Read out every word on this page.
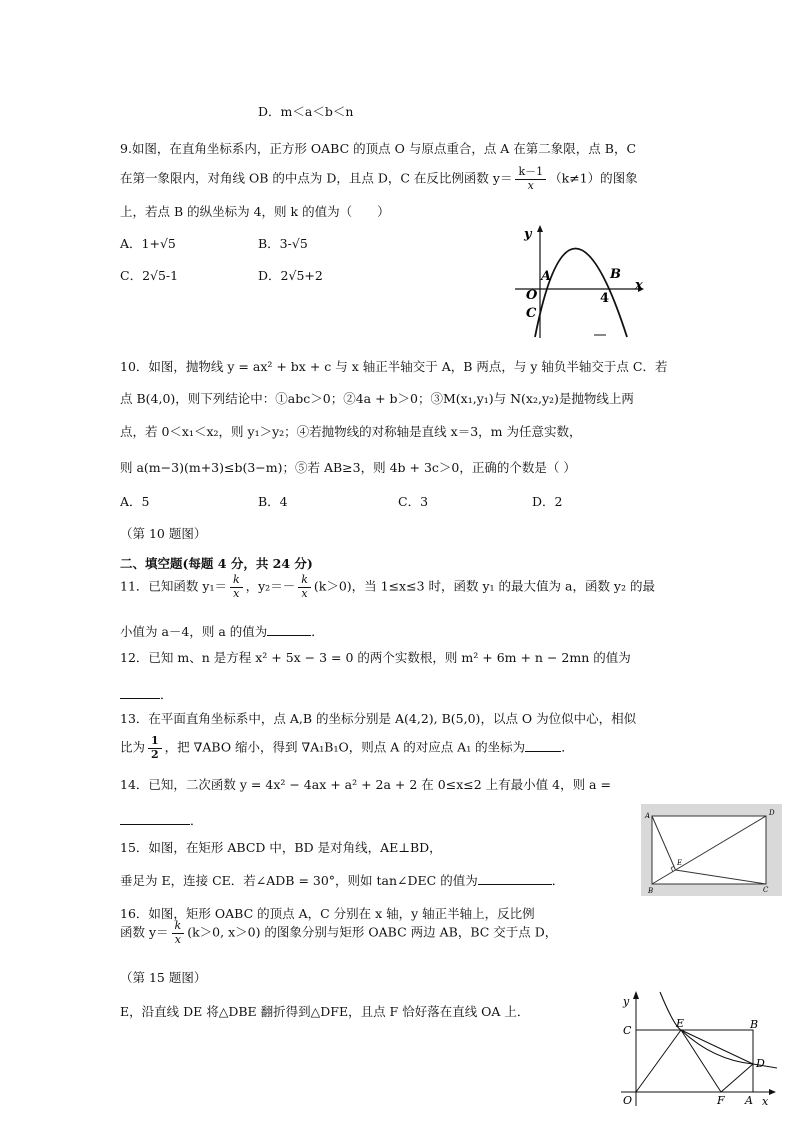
D．m＜a＜b＜n
9.如图，在直角坐标系内，正方形 OABC 的顶点 O 与原点重合，点 A 在第二象限，点 B，C
在第一象限内，对角线 OB 的中点为 D，且点 D，C 在反比例函数 $y= \frac{k-1}{x} (k\ne 1)$的图象
上，若点 B 的纵坐标为 4，则 k 的值为（　　）
A．1+√5	B．3-√5
C．2√5-1	D．2√5+2
y
x
A	B
O
C
4
10．如图，抛物线 y = ax² + bx + c 与 x 轴正半轴交于 A，B 两点，与 y 轴负半轴交于点 C．若
点 B(4,0)，则下列结论中：①abc＞0；②4a + b＞0；③M(x₁,y₁)与 N(x₂,y₂)是抛物线上两
点，若 0＜x₁＜x₂，则 y₁＞y₂；④若抛物线的对称轴是直线 x＝3，m 为任意实数，
则 a(m−3)(m+3)≤b(3−m)；⑤若 AB≥3，则 4b + 3c＞0，正确的个数是（ ）
A．5	B．4	C．3	D．2
（第 10 题图）
二、填空题(每题 4 分，共 24 分)
11．已知函数 $y_1= \frac{k}{x}$ ，$y_2=- \frac{k}{x} (k>0)$，当 1≤x≤3 时，函数 y₁ 的最大值为 a，函数 y₂ 的最
小值为 a－4，则 a 的值为	．
12．已知 m、n 是方程 x² + 5x − 3 = 0 的两个实数根，则 m² + 6m + n − 2mn 的值为
．
13．在平面直角坐标系中，点 A,B 的坐标分别是 A(4,2), B(5,0)，以点 O 为位似中心，相似
比为 $\frac{1}{2}$ ，把 ∇ABO 缩小，得到 ∇A₁B₁O，则点 A 的对应点 A₁ 的坐标为	．
14．已知，二次函数 y = 4x² − 4ax + a² + 2a + 2 在 0≤x≤2 上有最小值 4，则 a =
．	A	D
B	C
E
15．如图，在矩形 ABCD 中，BD 是对角线，AE⊥BD，
垂足为 E，连接 CE．若∠ADB = 30°，则如 tan∠DEC 的值为	．
16．如图，矩形 OABC 的顶点 A，C 分别在 x 轴，y 轴正半轴上，反比例
函数 $y= \frac{k}{x} (k>0$, x＞0) 的图象分别与矩形 OABC 两边 AB，BC 交于点 D，
（第 15 题图）
E，沿直线 DE 将△DBE 翻折得到△DFE，且点 F 恰好落在直线 OA 上．
y
x
C
E	B
D
O	F A
